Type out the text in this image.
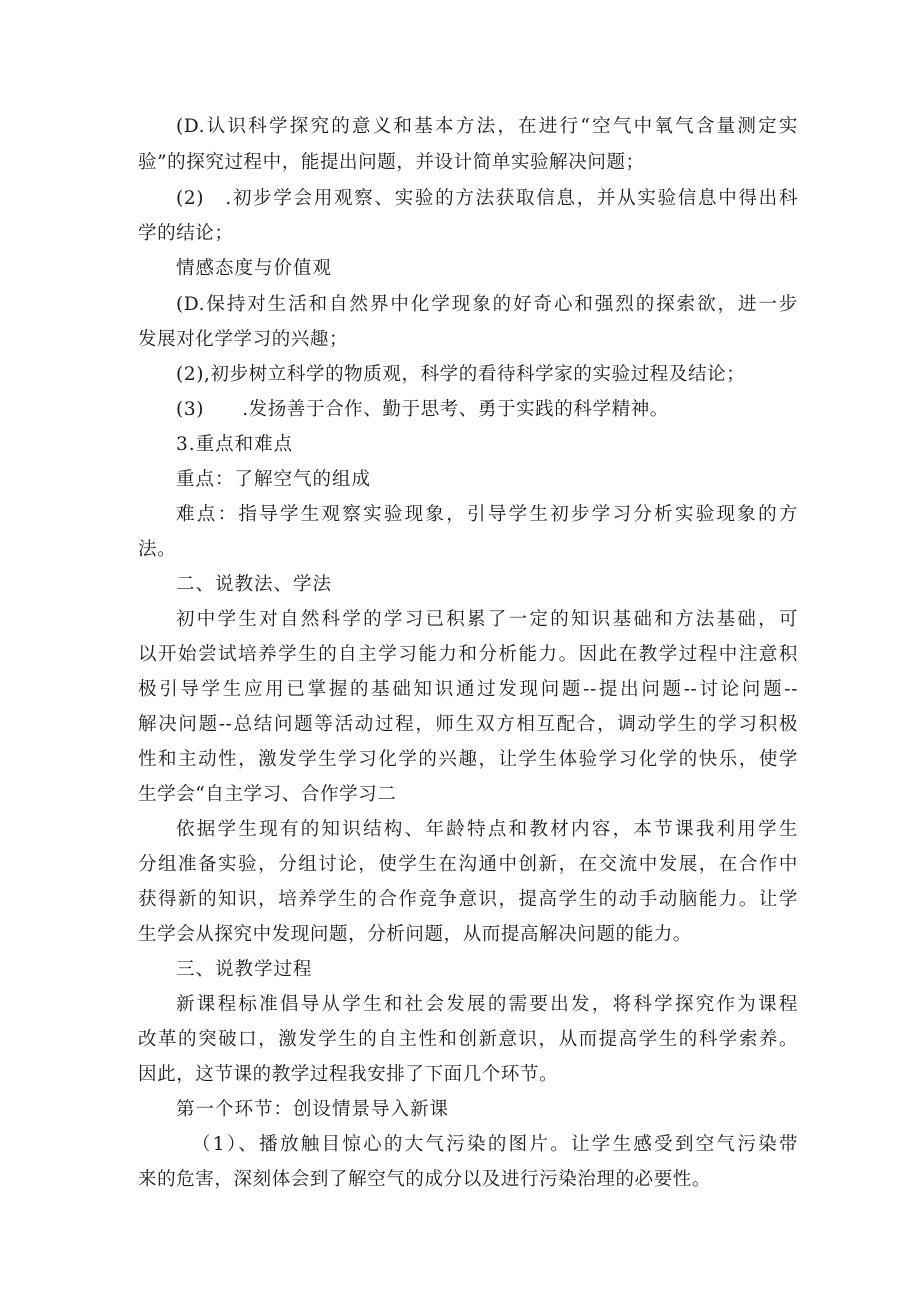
(D.认识科学探究的意义和基本方法，在进行“空气中氧气含量测定实
验”的探究过程中，能提出问题，并设计简单实验解决问题；
(2)　.初步学会用观察、实验的方法获取信息，并从实验信息中得出科
学的结论；
情感态度与价值观
(D.保持对生活和自然界中化学现象的好奇心和强烈的探索欲，进一步
发展对化学学习的兴趣；
(2),初步树立科学的物质观，科学的看待科学家的实验过程及结论；
(3)　　.发扬善于合作、勤于思考、勇于实践的科学精神。
3.重点和难点
重点：了解空气的组成
难点：指导学生观察实验现象，引导学生初步学习分析实验现象的方
法。
二、说教法、学法
初中学生对自然科学的学习已积累了一定的知识基础和方法基础，可
以开始尝试培养学生的自主学习能力和分析能力。因此在教学过程中注意积
极引导学生应用已掌握的基础知识通过发现问题--提出问题--讨论问题--
解决问题--总结问题等活动过程，师生双方相互配合，调动学生的学习积极
性和主动性，激发学生学习化学的兴趣，让学生体验学习化学的快乐，使学
生学会“自主学习、合作学习二
依据学生现有的知识结构、年龄特点和教材内容，本节课我利用学生
分组准备实验，分组讨论，使学生在沟通中创新，在交流中发展，在合作中
获得新的知识，培养学生的合作竞争意识，提高学生的动手动脑能力。让学
生学会从探究中发现问题，分析问题，从而提高解决问题的能力。
三、说教学过程
新课程标准倡导从学生和社会发展的需要出发，将科学探究作为课程
改革的突破口，激发学生的自主性和创新意识，从而提高学生的科学索养。
因此，这节课的教学过程我安排了下面几个环节。
第一个环节：创设情景导入新课
（1）、播放触目惊心的大气污染的图片。让学生感受到空气污染带
来的危害，深刻体会到了解空气的成分以及进行污染治理的必要性。
